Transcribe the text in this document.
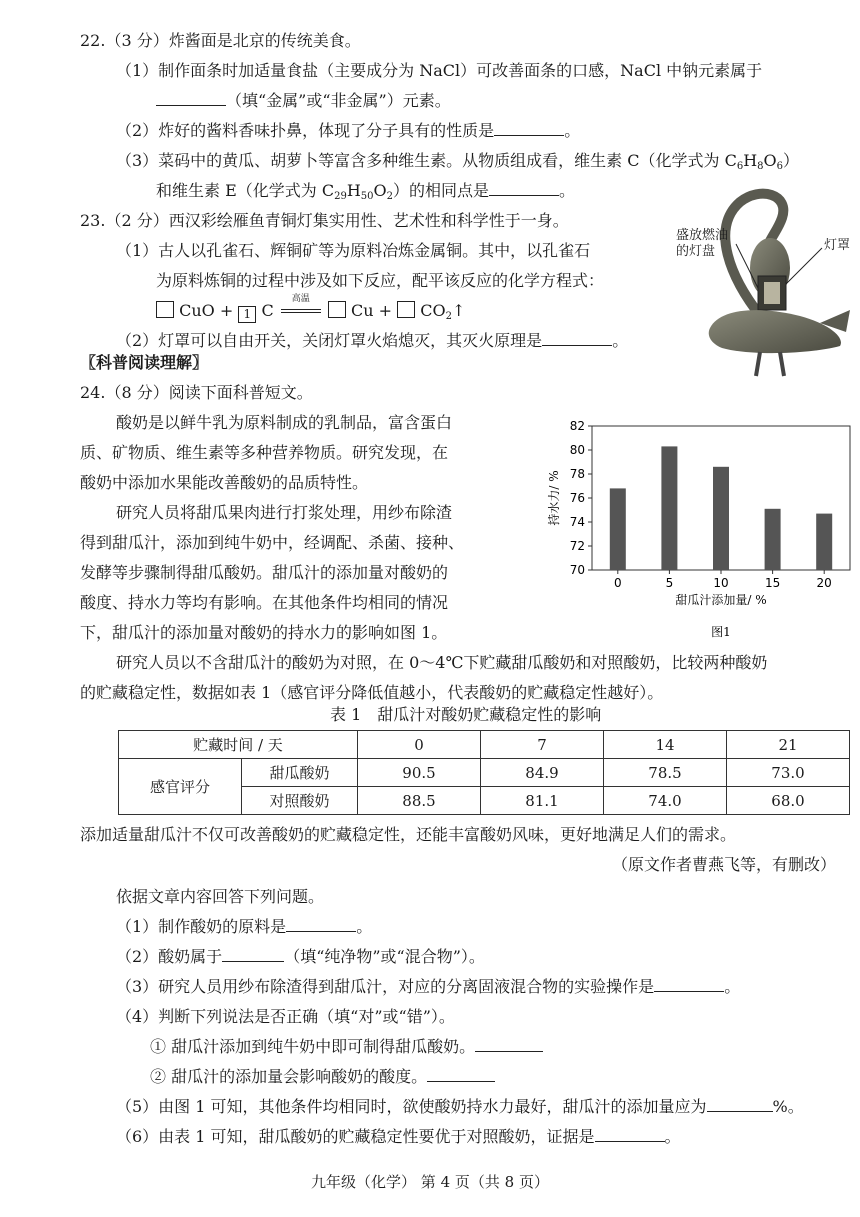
22.（3 分）炸酱面是北京的传统美食。
（1）制作面条时加适量食盐（主要成分为 NaCl）可改善面条的口感，NaCl 中钠元素属于
（填“金属”或“非金属”）元素。
（2）炸好的酱料香味扑鼻，体现了分子具有的性质是	。
（3）菜码中的黄瓜、胡萝卜等富含多种维生素。从物质组成看，维生素 C（化学式为 $C_6H_8O_6$）
和维生素 E（化学式为 $C_{29}H_{50}O_2$）的相同点是	。
23.（2 分）西汉彩绘雁鱼青铜灯集实用性、艺术性和科学性于一身。
（1）古人以孔雀石、辉铜矿等为原料冶炼金属铜。其中，以孔雀石
为原料炼铜的过程中涉及如下反应，配平该反应的化学方程式：
CuO + 1 C
高温
$Cu + CO_2↑$
（2）灯罩可以自由开关，关闭灯罩火焰熄灭，其灭火原理是	。
盛放燃油
的灯盘	灯罩
〖科普阅读理解〗
24.（8 分）阅读下面科普短文。
酸奶是以鲜牛乳为原料制成的乳制品，富含蛋白
质、矿物质、维生素等多种营养物质。研究发现，在
酸奶中添加水果能改善酸奶的品质特性。
研究人员将甜瓜果肉进行打浆处理，用纱布除渣
得到甜瓜汁，添加到纯牛奶中，经调配、杀菌、接种、
发酵等步骤制得甜瓜酸奶。甜瓜汁的添加量对酸奶的
酸度、持水力等均有影响。在其他条件均相同的情况
下，甜瓜汁的添加量对酸奶的持水力的影响如图 1。
70
72
74
76
78
80
82
0	5	10	15	20
甜瓜汁添加量/ %
持水力/ %
图1
研究人员以不含甜瓜汁的酸奶为对照，在 0～4℃下贮藏甜瓜酸奶和对照酸奶，比较两种酸奶
的贮藏稳定性，数据如表 1（感官评分降低值越小，代表酸奶的贮藏稳定性越好）。
表 1　甜瓜汁对酸奶贮藏稳定性的影响
贮藏时间 / 天		0	7	14	21
感官评分	甜瓜酸奶	90.5	84.9	78.5	73.0
	对照酸奶	88.5	81.1	74.0	68.0
添加适量甜瓜汁不仅可改善酸奶的贮藏稳定性，还能丰富酸奶风味，更好地满足人们的需求。
（原文作者曹燕飞等，有删改）
依据文章内容回答下列问题。
（1）制作酸奶的原料是	。
（2）酸奶属于	（填“纯净物”或“混合物”）。
（3）研究人员用纱布除渣得到甜瓜汁，对应的分离固液混合物的实验操作是	。
（4）判断下列说法是否正确（填“对”或“错”）。
① 甜瓜汁添加到纯牛奶中即可制得甜瓜酸奶。
② 甜瓜汁的添加量会影响酸奶的酸度。
（5）由图 1 可知，其他条件均相同时，欲使酸奶持水力最好，甜瓜汁的添加量应为	%。
（6）由表 1 可知，甜瓜酸奶的贮藏稳定性要优于对照酸奶，证据是	。
九年级（化学） 第 4 页（共 8 页）
